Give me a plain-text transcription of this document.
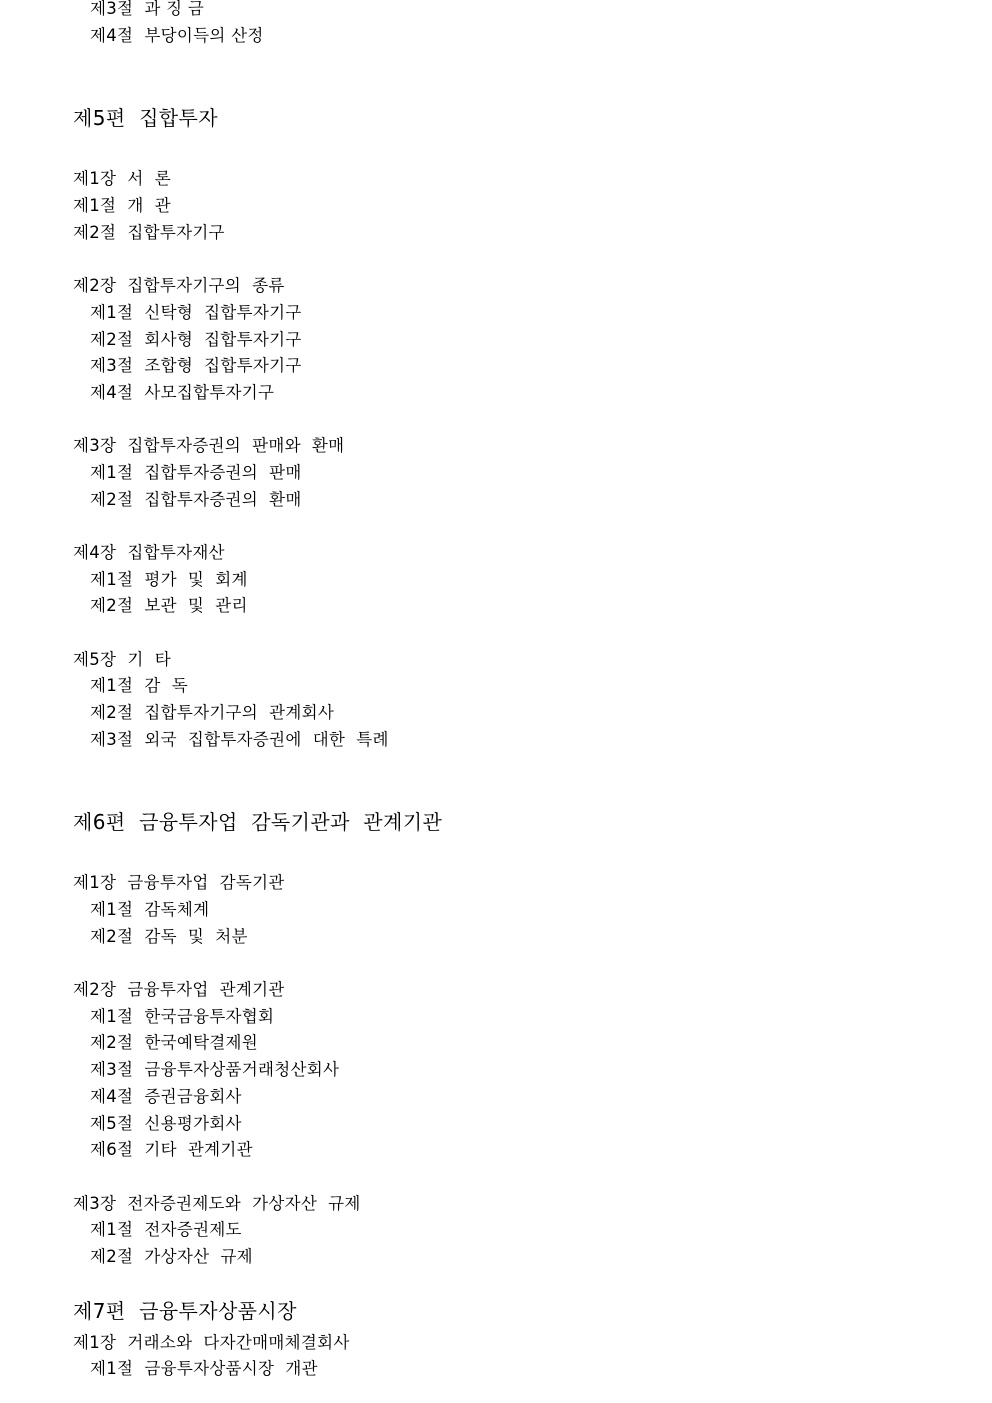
제3절  과 징 금
제4절  부당이득의 산정
제5편  집합투자
제1장  서  론
제1절  개  관
제2절  집합투자기구
제2장  집합투자기구의  종류
제1절  신탁형  집합투자기구
제2절  회사형  집합투자기구
제3절  조합형  집합투자기구
제4절  사모집합투자기구
제3장  집합투자증권의  판매와  환매
제1절  집합투자증권의  판매
제2절  집합투자증권의  환매
제4장  집합투자재산
제1절  평가  및  회계
제2절  보관  및  관리
제5장  기  타
제1절  감  독
제2절  집합투자기구의  관계회사
제3절  외국  집합투자증권에  대한  특례
제6편  금융투자업  감독기관과  관계기관
제1장  금융투자업  감독기관
제1절  감독체계
제2절  감독  및  처분
제2장  금융투자업  관계기관
제1절  한국금융투자협회
제2절  한국예탁결제원
제3절  금융투자상품거래청산회사
제4절  증권금융회사
제5절  신용평가회사
제6절  기타  관계기관
제3장  전자증권제도와  가상자산  규제
제1절  전자증권제도
제2절  가상자산  규제
제7편  금융투자상품시장
제1장  거래소와  다자간매매체결회사
제1절  금융투자상품시장  개관
